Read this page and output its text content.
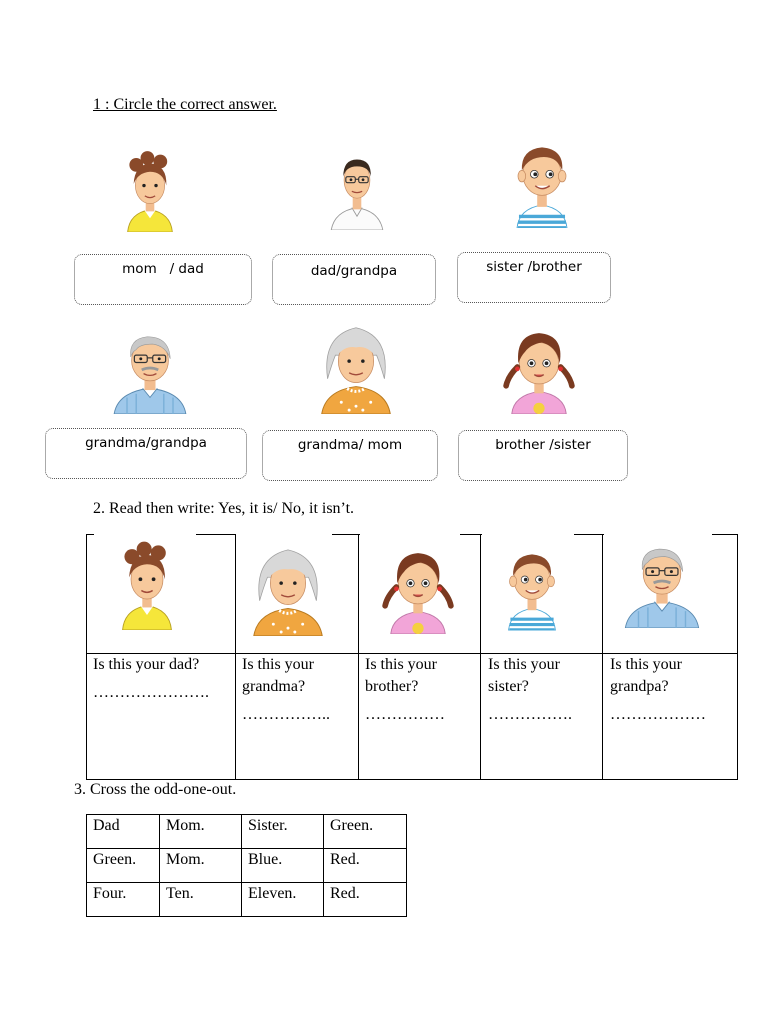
1 : Circle the correct answer.
mom   / dad	dad/grandpa	sister /brother
grandma/grandpa	grandma/ mom	brother /sister
2. Read then write: Yes, it is/ No, it isn’t.
Is this your dad?
………………….
Is this your grandma?
……………..
Is this your brother?
……………
Is this your sister?
…………….
Is this your grandpa?
………………
3. Cross the odd-one-out.
Dad	Mom.	Sister.	Green.

Green.	Mom.	Blue.	Red.

Four.	Ten.	Eleven.	Red.
